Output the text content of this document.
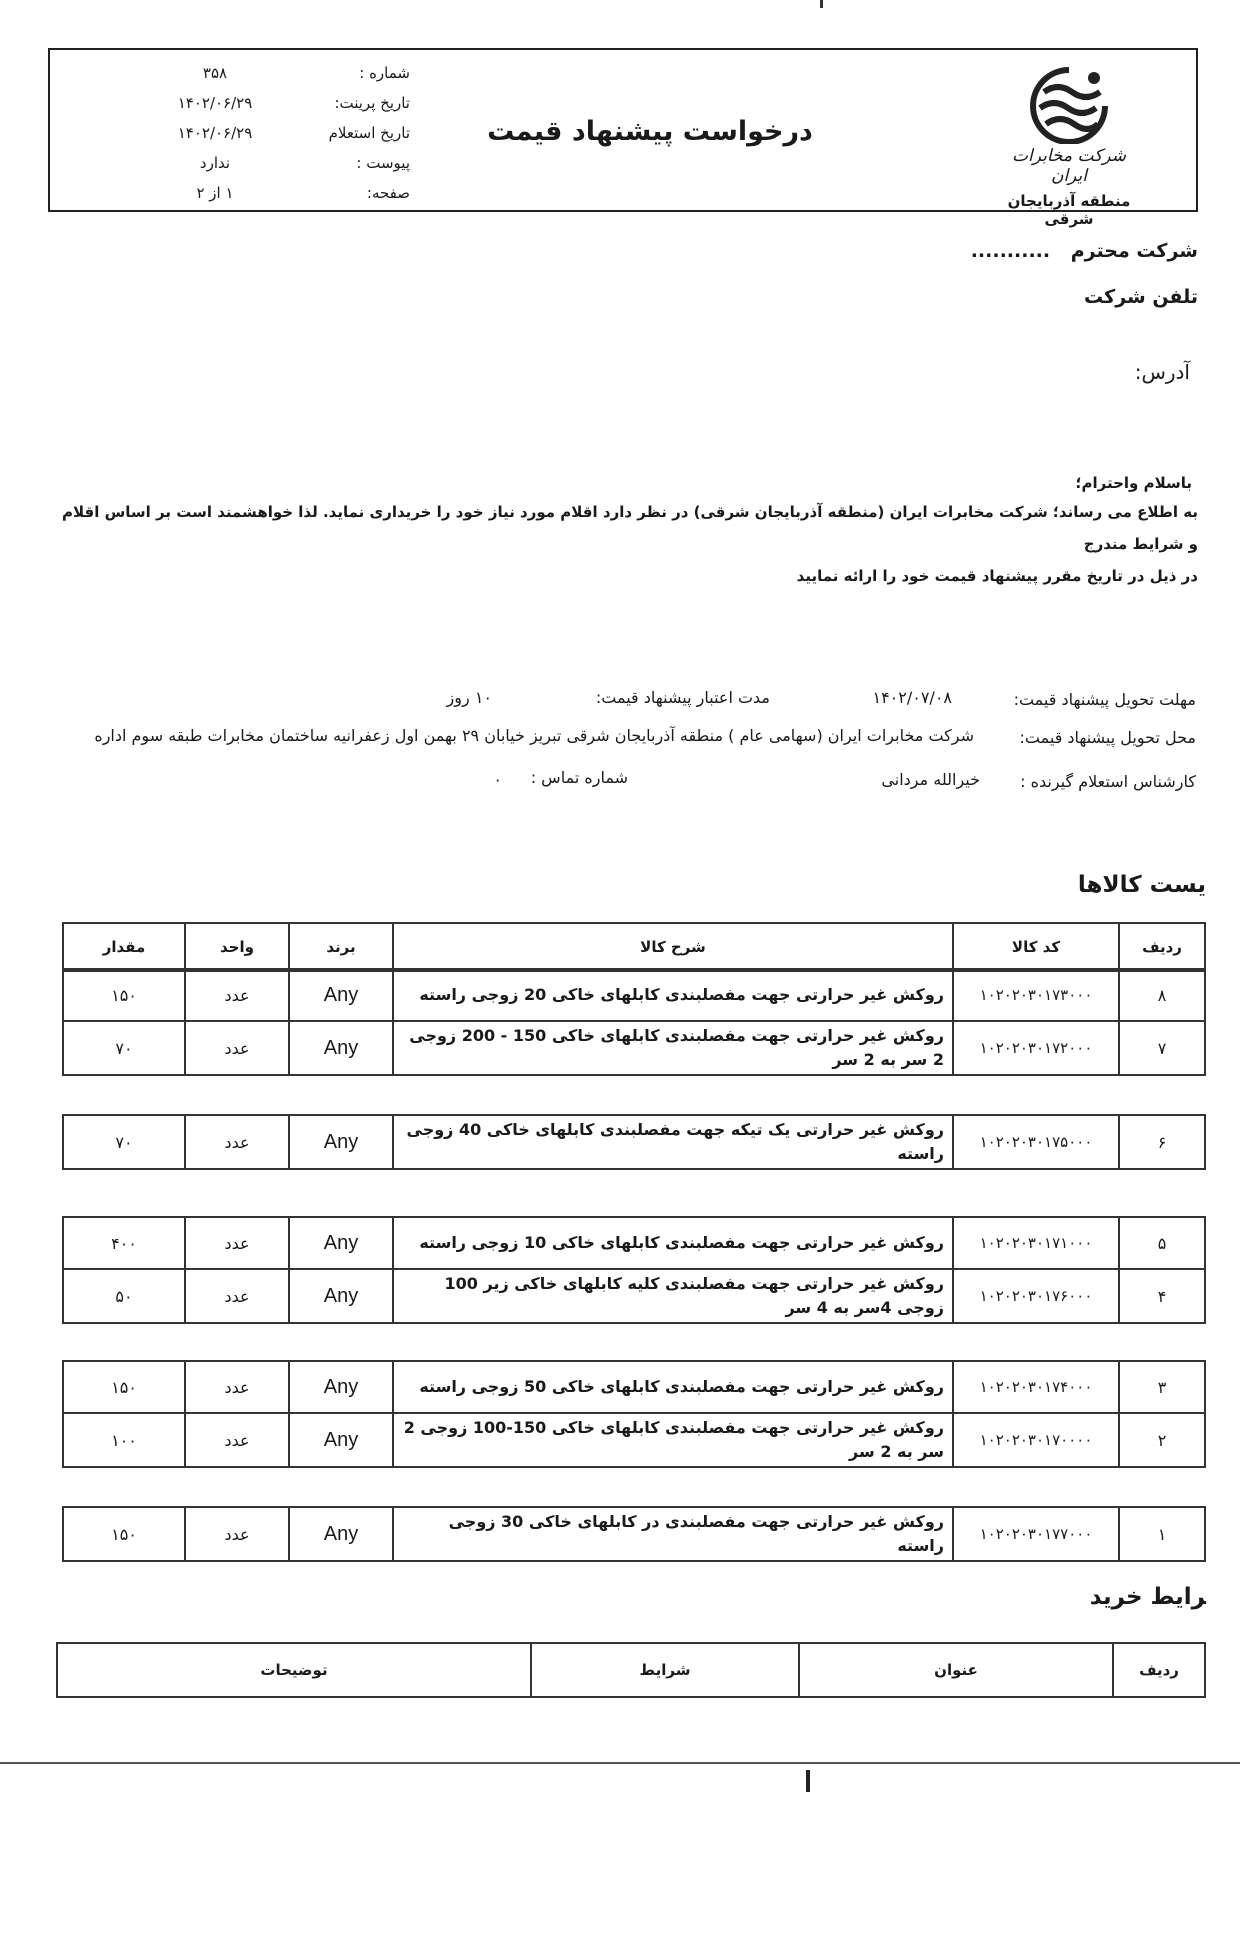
شرکت مخابرات ایران
منطقه آذربایجان شرقی
درخواست پیشنهاد قیمت
شماره :
۳۵۸
تاریخ پرینت:
۱۴۰۲/۰۶/۲۹
تاریخ استعلام
۱۴۰۲/۰۶/۲۹
پیوست :
ندارد
صفحه:
۱ از ۲
شرکت محترم ...........
تلفن شرکت
آدرس:
باسلام واحترام؛
به اطلاع می رساند؛ شرکت مخابرات ایران (منطقه آذربایجان شرقی) در نظر دارد اقلام مورد نیاز خود را خریداری نماید. لذا خواهشمند است بر اساس اقلام و شرایط مندرج
در ذیل در تاریخ مقرر پیشنهاد قیمت خود را ارائه نمایید
مهلت تحویل پیشنهاد قیمت:
۱۴۰۲/۰۷/۰۸
مدت اعتبار پیشنهاد قیمت:
۱۰ روز
محل تحویل پیشنهاد قیمت:
شرکت مخابرات ایران (سهامی عام ) منطقه آذربایجان شرقی تبریز خیابان ۲۹ بهمن اول زعفرانیه ساختمان مخابرات طبقه سوم اداره
کارشناس استعلام گیرنده :
خیرالله مردانی
شماره تماس :
۰
یست کالاها
ردیف	کد کالا	شرح کالا	برند	واحد	مقدار
۸	۱۰۲۰۲۰۳۰۱۷۳۰۰۰	روکش غیر حرارتی جهت مفصلبندی کابلهای خاکی 20 زوجی راسته	Any	عدد	۱۵۰
۷	۱۰۲۰۲۰۳۰۱۷۲۰۰۰	روکش غیر حرارتی جهت مفصلبندی کابلهای خاکی 150 - 200 زوجی 2 سر به 2 سر	Any	عدد	۷۰
۶	۱۰۲۰۲۰۳۰۱۷۵۰۰۰	روکش غیر حرارتی یک تیکه جهت مفصلبندی کابلهای خاکی 40 زوجی راسته	Any	عدد	۷۰
۵	۱۰۲۰۲۰۳۰۱۷۱۰۰۰	روکش غیر حرارتی جهت مفصلبندی کابلهای خاکی 10 زوجی راسته	Any	عدد	۴۰۰
۴	۱۰۲۰۲۰۳۰۱۷۶۰۰۰	روکش غیر حرارتی جهت مفصلبندی کلیه کابلهای خاکی زیر 100 زوجی 4سر به 4 سر	Any	عدد	۵۰
۳	۱۰۲۰۲۰۳۰۱۷۴۰۰۰	روکش غیر حرارتی جهت مفصلبندی کابلهای خاکی 50 زوجی راسته	Any	عدد	۱۵۰
۲	۱۰۲۰۲۰۳۰۱۷۰۰۰۰	روکش غیر حرارتی جهت مفصلبندی کابلهای خاکی 150-100 زوجی 2 سر به 2 سر	Any	عدد	۱۰۰
۱	۱۰۲۰۲۰۳۰۱۷۷۰۰۰	روکش غیر حرارتی جهت مفصلبندی در کابلهای خاکی 30 زوجی راسته	Any	عدد	۱۵۰
ﺮایط خرید
ردیف	عنوان	شرایط	توضیحات
